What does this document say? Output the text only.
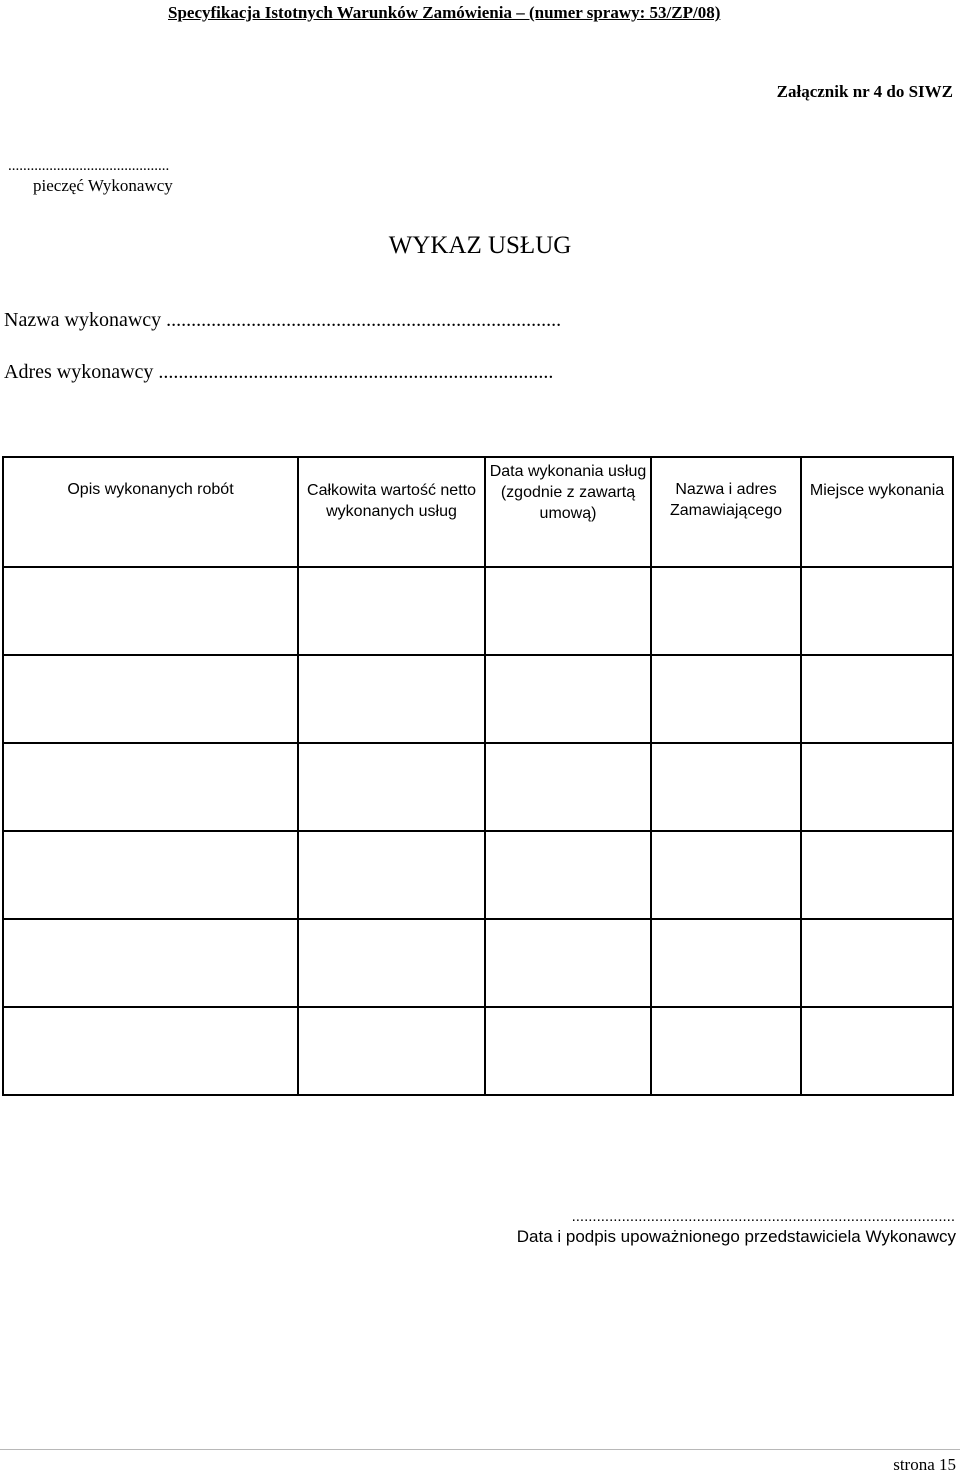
Specyfikacja Istotnych Warunków Zamówienia – (numer sprawy: 53/ZP/08)
Załącznik nr 4 do SIWZ
...........................................
pieczęć Wykonawcy
WYKAZ USŁUG
Nazwa wykonawcy ...............................................................................
Adres wykonawcy ...............................................................................
Opis wykonanych robót	Całkowita wartość netto wykonanych usług	Data wykonania usług (zgodnie z zawartą umową)	Nazwa i adres Zamawiającego	Miejsce wykonania

............................................................................................
Data i podpis upoważnionego przedstawiciela Wykonawcy
strona 15
